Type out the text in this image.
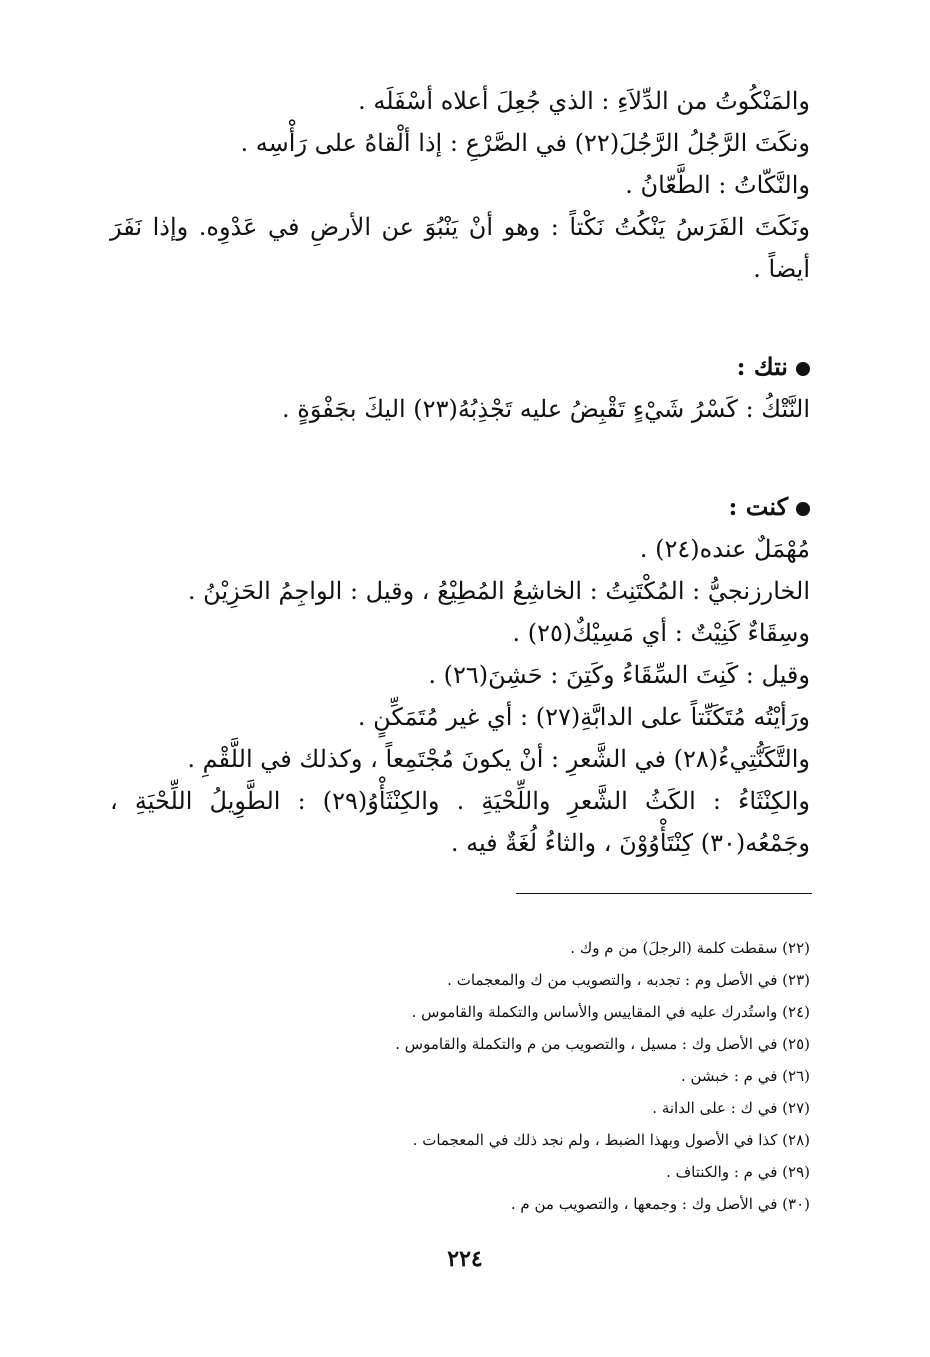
والمَنْكُوتُ من الدِّلاَءِ : الذي جُعِلَ أعلاه أسْفَلَه .
ونكَتَ الرَّجُلُ الرَّجُلَ(٢٢) في الصَّرْعِ : إذا ألْقاهُ على رَأْسِه .
والنَّكّاتُ : الطَّعّانُ .
ونَكَتَ الفَرَسُ يَنْكُتُ نَكْتاً : وهو أنْ يَنْبُوَ عن الأرضِ في عَدْوِه. وإذا نَفَرَ
أيضاً .
نتك :
النَّتْكُ : كَسْرُ شَيْءٍ تَقْبِضُ عليه تَجْذِبُهُ(٢٣) اليكَ بجَفْوَةٍ .
كنت :
مُهْمَلٌ عنده(٢٤) .
الخارزنجيُّ : المُكْتَنِتُ : الخاشِعُ المُطِيْعُ ، وقيل : الواجِمُ الحَزِيْنُ .
وسِقَاءٌ كَنِيْتٌ : أي مَسِيْكٌ(٢٥) .
وقيل : كَنِتَ السِّقَاءُ وكَتِنَ : حَشِنَ(٢٦) .
ورَأيْتُه مُتَكَنِّتاً على الدابَّةِ(٢٧) : أي غير مُتَمَكِّنٍ .
والتَّكَنُّتِيءُ(٢٨) في الشَّعرِ : أنْ يكونَ مُجْتَمِعاً ، وكذلك في اللَّقْمِ .
والكِنْثَاءُ : الكَثُ الشَّعرِ واللِّحْيَةِ . والكِنْثَأْوُ(٢٩) : الطَّوِيلُ اللِّحْيَةِ ،
وجَمْعُه(٣٠) كِنْتَأْوُوْنَ ، والثاءُ لُغَةٌ فيه .
(٢٢) سقطت كلمة (الرجلَ) من م وك .
(٢٣) في الأصل وم : تجدبه ، والتصويب من ك والمعجمات .
(٢٤) واستُدرك عليه في المقاييس والأساس والتكملة والقاموس .
(٢٥) في الأصل وك : مسيل ، والتصويب من م والتكملة والقاموس .
(٢٦) في م : خبشن .
(٢٧) في ك : على الدانة .
(٢٨) كذا في الأصول وبهذا الضبط ، ولم نجد ذلك في المعجمات .
(٢٩) في م : والكنتاف .
(٣٠) في الأصل وك : وجمعها ، والتصويب من م .
٢٢٤
